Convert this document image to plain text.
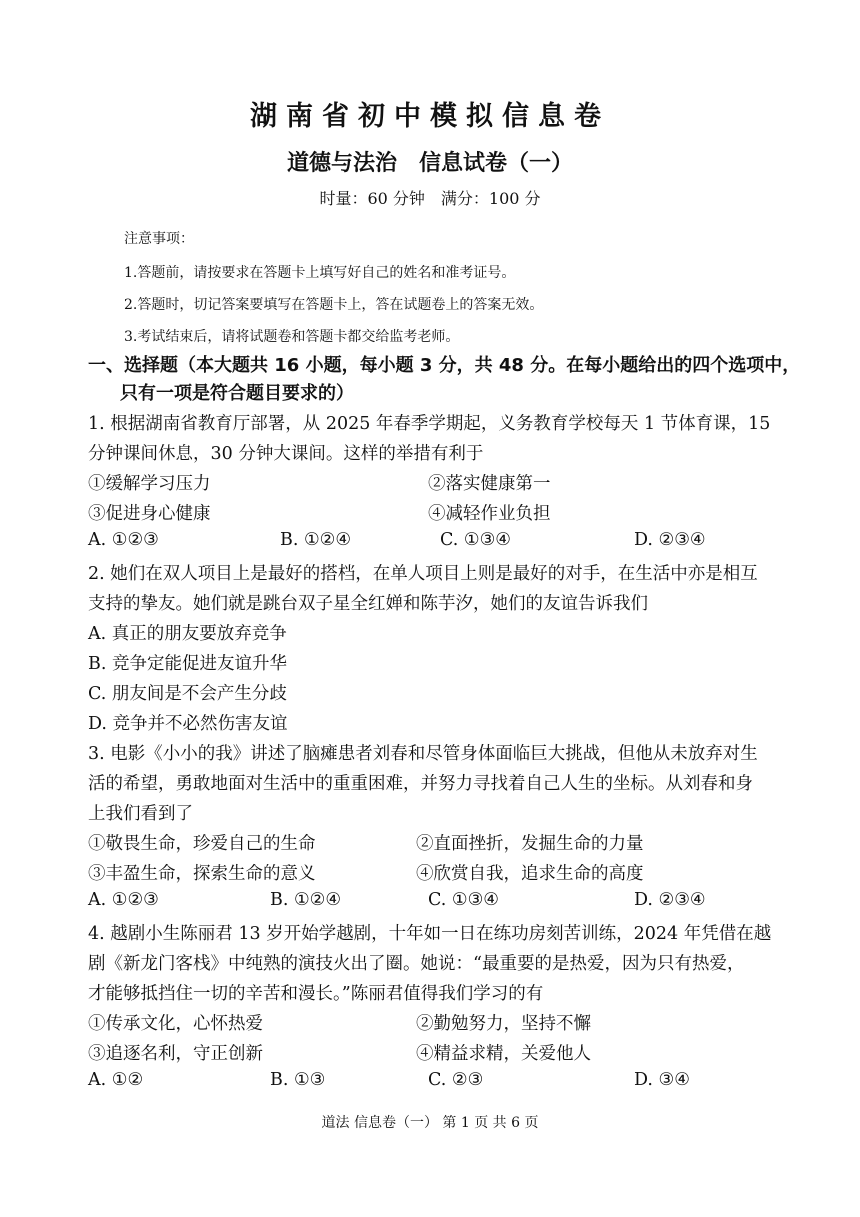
湖南省初中模拟信息卷
道德与法治　信息试卷（一）
时量：60 分钟　满分：100 分
注意事项：
1.答题前，请按要求在答题卡上填写好自己的姓名和准考证号。
2.答题时，切记答案要填写在答题卡上，答在试题卷上的答案无效。
3.考试结束后，请将试题卷和答题卡都交给监考老师。
一、选择题（本大题共 16 小题，每小题 3 分，共 48 分。在每小题给出的四个选项中，
只有一项是符合题目要求的）
1. 根据湖南省教育厅部署，从 2025 年春季学期起，义务教育学校每天 1 节体育课，15
分钟课间休息，30 分钟大课间。这样的举措有利于
①缓解学习压力	②落实健康第一
③促进身心健康	④减轻作业负担
A. ①②③	B. ①②④	C. ①③④	D. ②③④
2. 她们在双人项目上是最好的搭档，在单人项目上则是最好的对手，在生活中亦是相互
支持的挚友。她们就是跳台双子星全红婵和陈芋汐，她们的友谊告诉我们
A. 真正的朋友要放弃竞争
B. 竞争定能促进友谊升华
C. 朋友间是不会产生分歧
D. 竞争并不必然伤害友谊
3. 电影《小小的我》讲述了脑瘫患者刘春和尽管身体面临巨大挑战，但他从未放弃对生
活的希望，勇敢地面对生活中的重重困难，并努力寻找着自己人生的坐标。从刘春和身
上我们看到了
①敬畏生命，珍爱自己的生命	②直面挫折，发掘生命的力量
③丰盈生命，探索生命的意义	④欣赏自我，追求生命的高度
A. ①②③	B. ①②④	C. ①③④	D. ②③④
4. 越剧小生陈丽君 13 岁开始学越剧，十年如一日在练功房刻苦训练，2024 年凭借在越
剧《新龙门客栈》中纯熟的演技火出了圈。她说：“最重要的是热爱，因为只有热爱，
才能够抵挡住一切的辛苦和漫长。”陈丽君值得我们学习的有
①传承文化，心怀热爱	②勤勉努力，坚持不懈
③追逐名利，守正创新	④精益求精，关爱他人
A. ①②	B. ①③	C. ②③	D. ③④
道法 信息卷（一） 第 1 页 共 6 页
